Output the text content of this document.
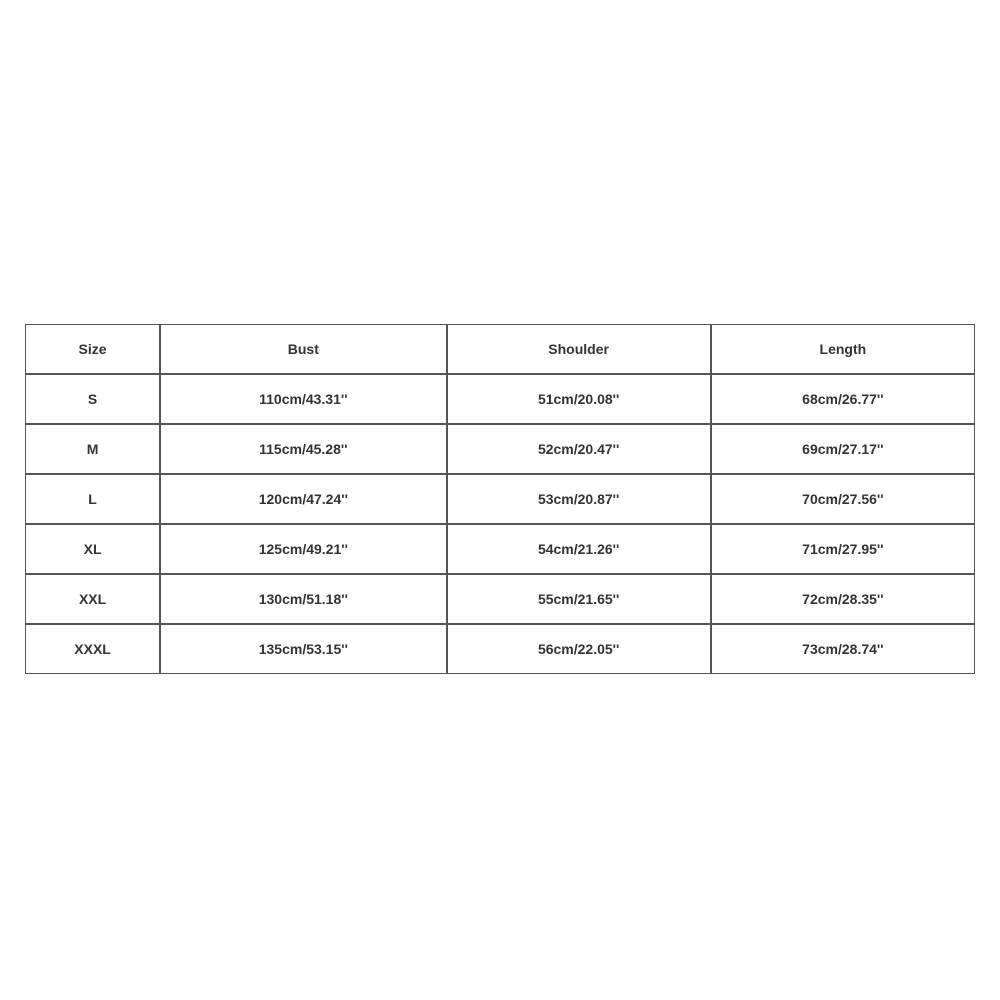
Size	Bust	Shoulder	Length
S	110cm/43.31''	51cm/20.08''	68cm/26.77''
M	115cm/45.28''	52cm/20.47''	69cm/27.17''
L	120cm/47.24''	53cm/20.87''	70cm/27.56''
XL	125cm/49.21''	54cm/21.26''	71cm/27.95''
XXL	130cm/51.18''	55cm/21.65''	72cm/28.35''
XXXL	135cm/53.15''	56cm/22.05''	73cm/28.74''
